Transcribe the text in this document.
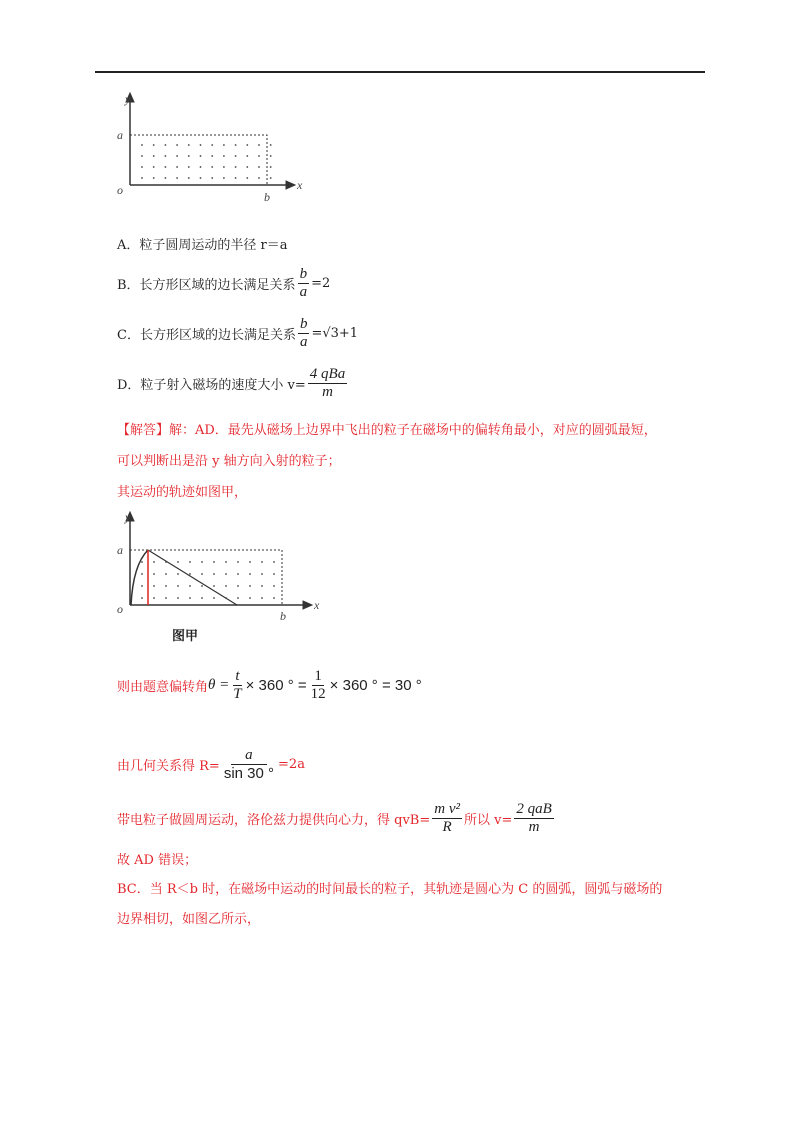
y
a
o	b
x
A．粒子圆周运动的半径 r＝a
B．长方形区域的边长满足关系 $\frac{b}{a} =2$
C．长方形区域的边长满足关系 $\frac{b}{a} =√3+1$
D．粒子射入磁场的速度大小 $v= \frac{\text{4 qBa}}{m}$
【解答】解：AD．最先从磁场上边界中飞出的粒子在磁场中的偏转角最小，对应的圆弧最短，
可以判断出是沿 y 轴方向入射的粒子；
其运动的轨迹如图甲，
y
a
o	b
x
图甲
则由题意偏转角 $\theta = \frac{t}{T} \times 360$ ° = $\frac{1}{12} \times 360$ ° = 30 °
由几何关系得 $R= \frac{a}{\sin 30 ^\circ} =2a$
带电粒子做圆周运动，洛伦兹力提供向心力，得 $qvB= \frac{\text{m v²}}{R}$ 所以 $v= \frac{\text{2 qaB}}{m}$
故 AD 错误；
BC．当 R＜b 时，在磁场中运动的时间最长的粒子，其轨迹是圆心为 C 的圆弧，圆弧与磁场的
边界相切，如图乙所示，
